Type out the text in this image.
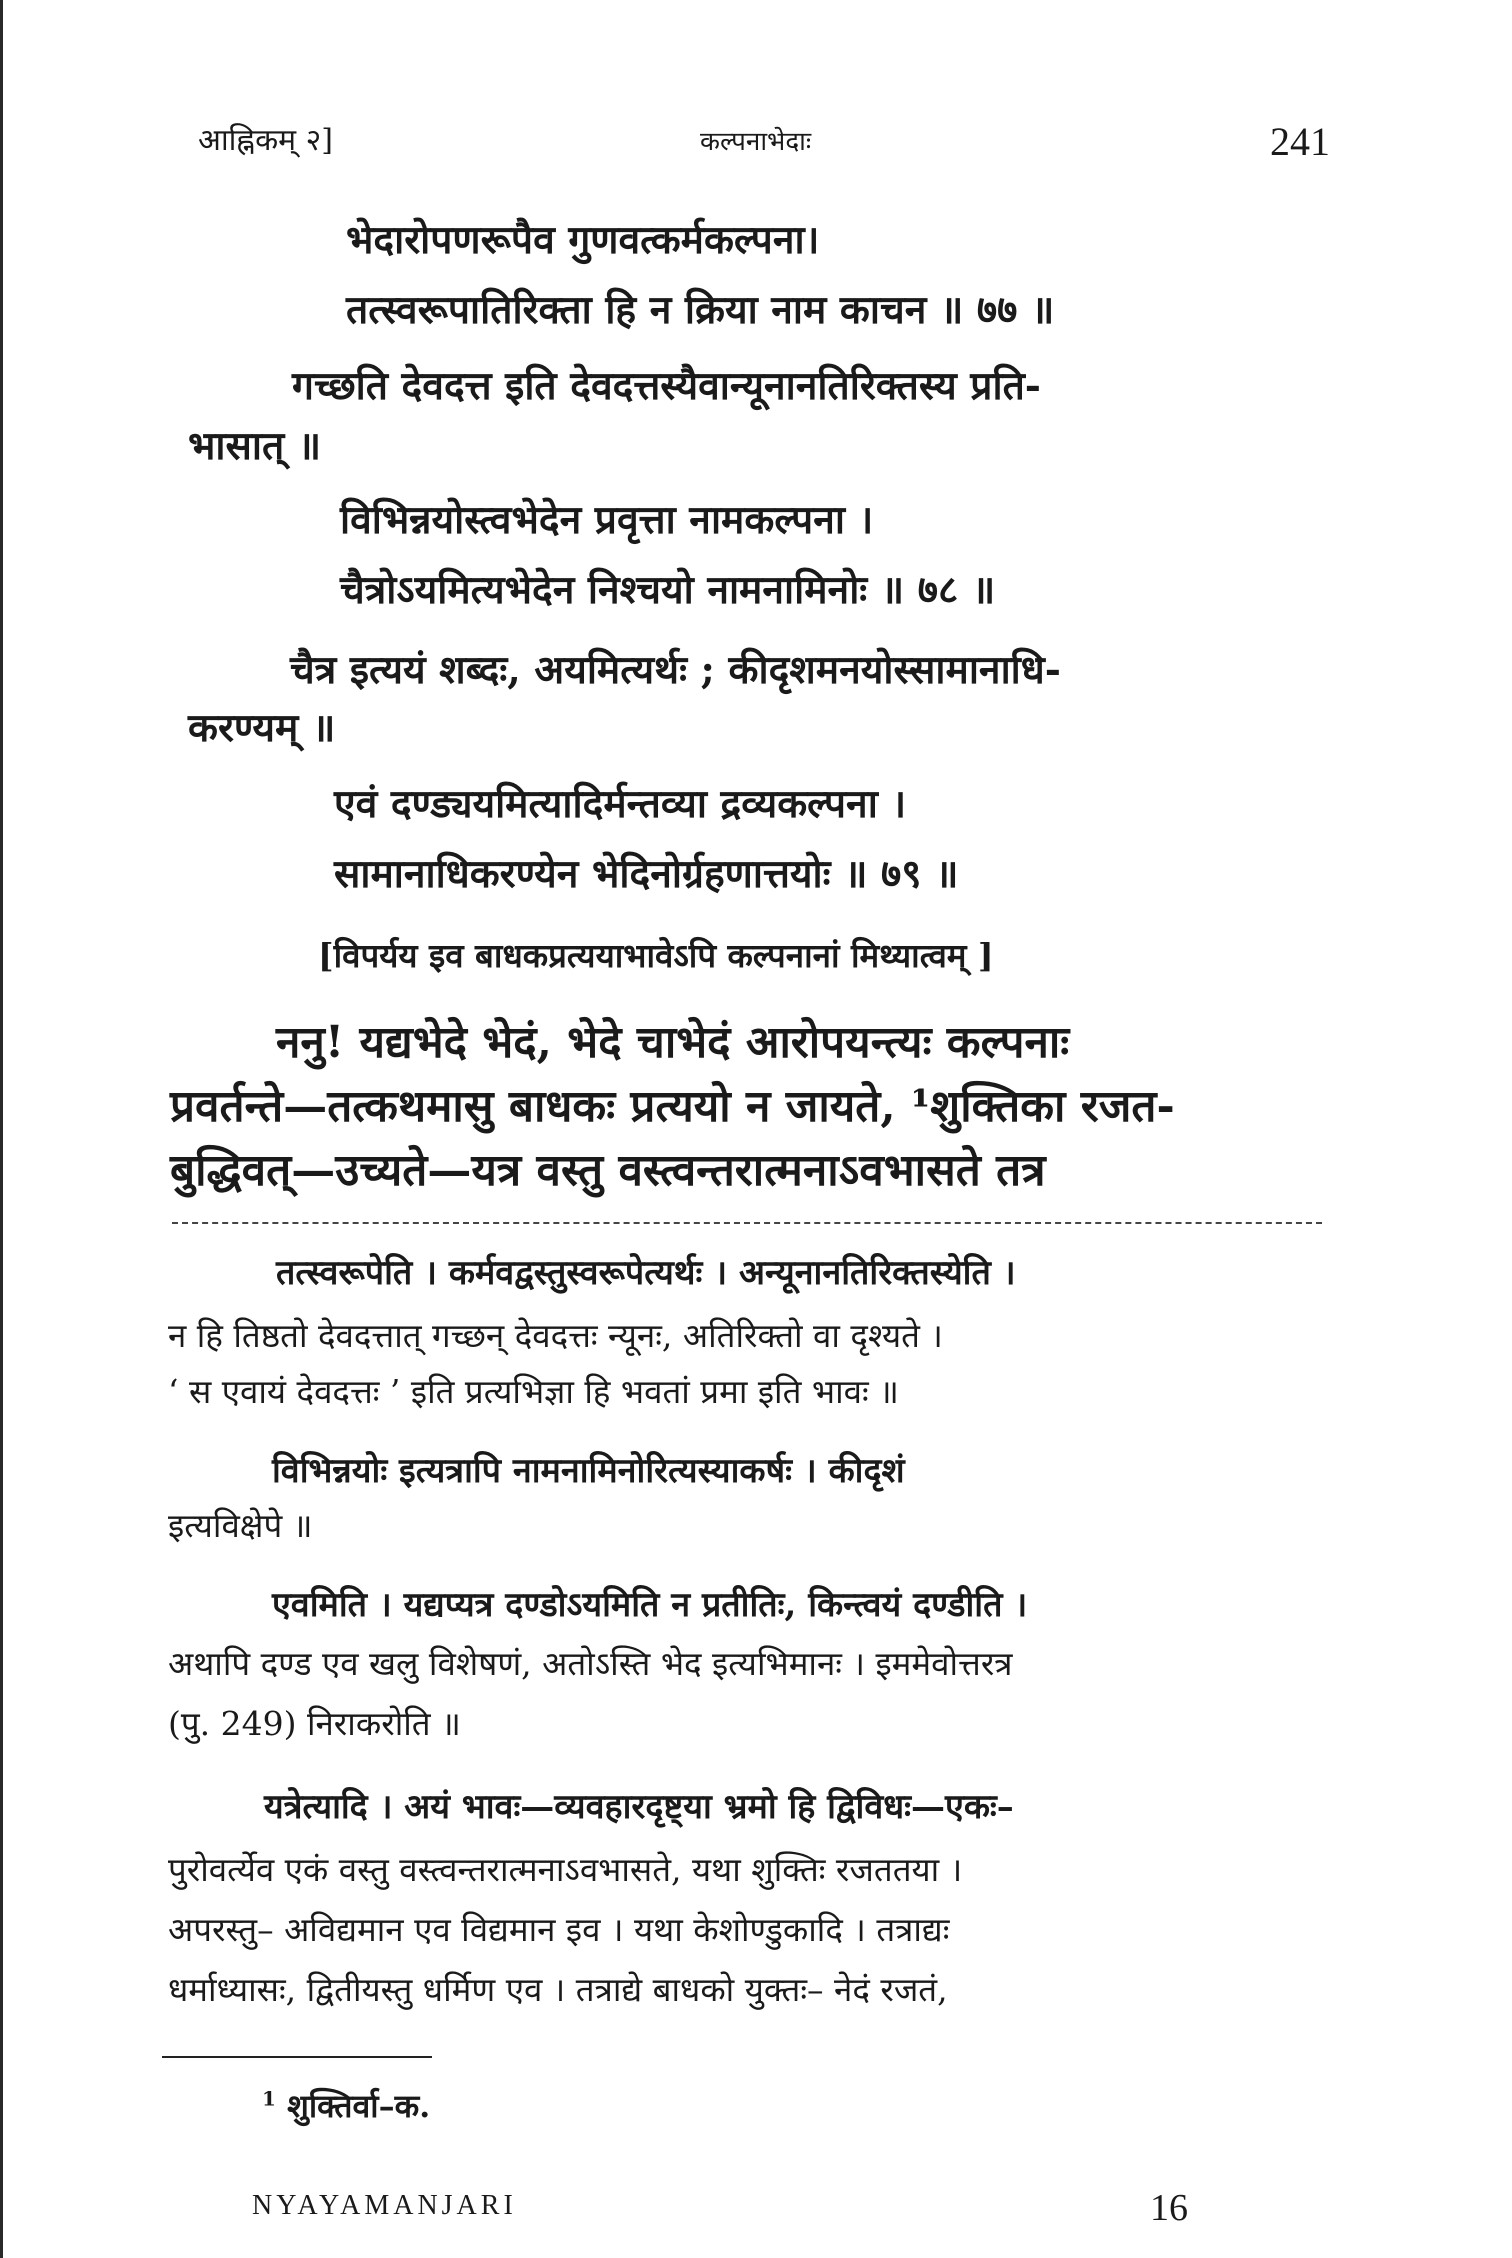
आह्निकम् २]	कल्पनाभेदाः	241
भेदारोपणरूपैव गुणवत्कर्मकल्पना।
तत्स्वरूपातिरिक्ता हि न क्रिया नाम काचन ॥ ७७ ॥
गच्छति देवदत्त इति देवदत्तस्यैवान्यूनानतिरिक्तस्य प्रति-
भासात् ॥
विभिन्नयोस्त्वभेदेन प्रवृत्ता नामकल्पना ।
चैत्रोऽयमित्यभेदेन निश्चयो नामनामिनोः ॥ ७८ ॥
चैत्र इत्ययं शब्दः, अयमित्यर्थः ; कीदृशमनयोस्सामानाधि-
करण्यम् ॥
एवं दण्ड्ययमित्यादिर्मन्तव्या द्रव्यकल्पना ।
सामानाधिकरण्येन भेदिनोर्ग्रहणात्तयोः ॥ ७९ ॥
[विपर्यय इव बाधकप्रत्ययाभावेऽपि कल्पनानां मिथ्यात्वम् ]
ननु! यद्यभेदे भेदं, भेदे चाभेदं आरोपयन्त्यः कल्पनाः
प्रवर्तन्ते—तत्कथमासु बाधकः प्रत्ययो न जायते, ¹शुक्तिका रजत-
बुद्धिवत्—उच्यते—यत्र वस्तु वस्त्वन्तरात्मनाऽवभासते तत्र
तत्स्वरूपेति । कर्मवद्वस्तुस्वरूपेत्यर्थः । अन्यूनानतिरिक्तस्येति ।
न हि तिष्ठतो देवदत्तात् गच्छन् देवदत्तः न्यूनः, अतिरिक्तो वा दृश्यते ।
‘ स एवायं देवदत्तः ’ इति प्रत्यभिज्ञा हि भवतां प्रमा इति भावः ॥
विभिन्नयोः इत्यत्रापि नामनामिनोरित्यस्याकर्षः । कीदृशं
इत्यविक्षेपे ॥
एवमिति । यद्यप्यत्र दण्डोऽयमिति न प्रतीतिः, किन्त्वयं दण्डीति ।
अथापि दण्ड एव खलु विशेषणं, अतोऽस्ति भेद इत्यभिमानः । इममेवोत्तरत्र
(पु. 249) निराकरोति ॥
यत्रेत्यादि । अयं भावः—व्यवहारदृष्ट्या भ्रमो हि द्विविधः—एकः–
पुरोवर्त्येव एकं वस्तु वस्त्वन्तरात्मनाऽवभासते, यथा शुक्तिः रजततया ।
अपरस्तु– अविद्यमान एव विद्यमान इव । यथा केशोण्डुकादि । तत्राद्यः
धर्माध्यासः, द्वितीयस्तु धर्मिण एव । तत्राद्ये बाधको युक्तः– नेदं रजतं,
$^1$ शुक्तिर्वा–क.
NYAYAMANJARI	16
